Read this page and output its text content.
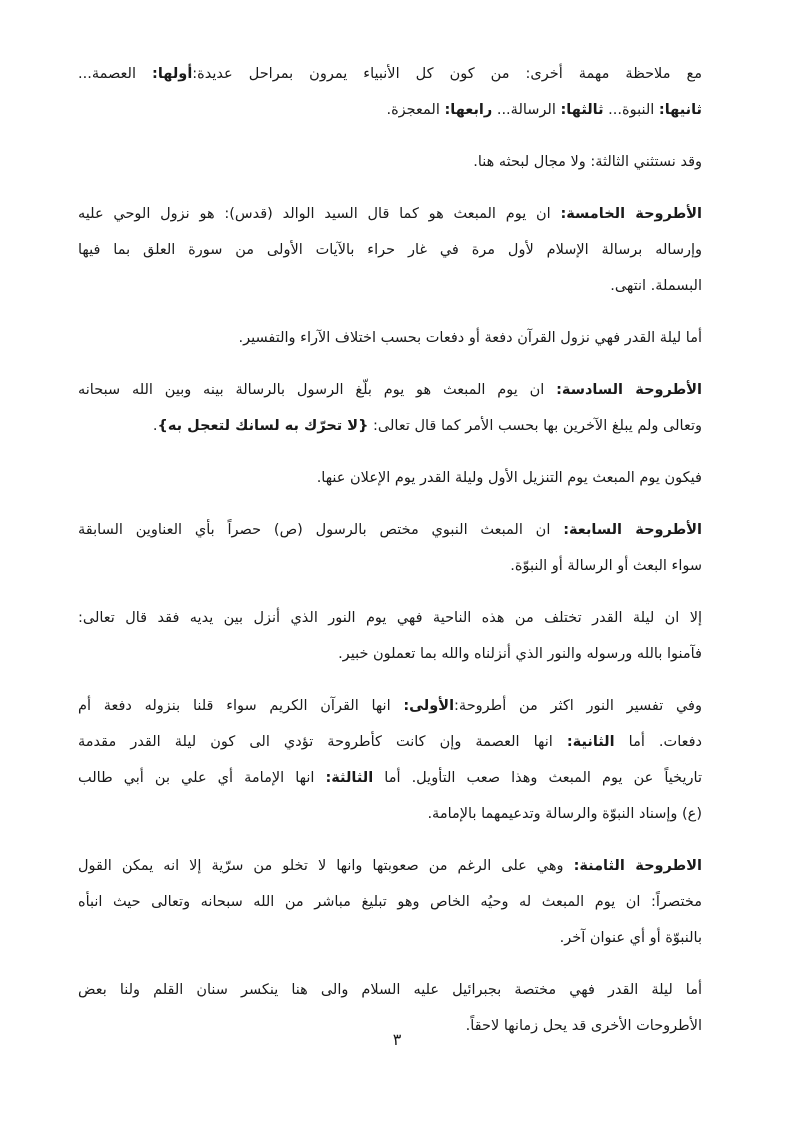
مع ملاحظة مهمة أخرى: من كون كل الأنبياء يمرون بمراحل عديدة:أولها: العصمة...
ثانيها: النبوة... ثالثها: الرسالة... رابعها: المعجزة.

وقد نستثني الثالثة: ولا مجال لبحثه هنا.

الأطروحة الخامسة: ان يوم المبعث هو كما قال السيد الوالد (قدس): هو نزول الوحي عليه
وإرساله برسالة الإسلام لأول مرة في غار حراء بالآيات الأولى من سورة العلق بما فيها
البسملة. انتهى.

أما ليلة القدر فهي نزول القرآن دفعة أو دفعات بحسب اختلاف الآراء والتفسير.

الأطروحة السادسة: ان يوم المبعث هو يوم بلّغ الرسول بالرسالة بينه وبين الله سبحانه
وتعالى ولم يبلغ الآخرين بها بحسب الأمر كما قال تعالى: {لا تحرّك به لسانك لتعجل به}.

فيكون يوم المبعث يوم التنزيل الأول وليلة القدر يوم الإعلان عنها.

الأطروحة السابعة: ان المبعث النبوي مختص بالرسول (ص) حصراً بأي العناوين السابقة
سواء البعث أو الرسالة أو النبوّة.

إلا ان ليلة القدر تختلف من هذه الناحية فهي يوم النور الذي أنزل بين يديه فقد قال تعالى:
فآمنوا بالله ورسوله والنور الذي أنزلناه والله بما تعملون خبير.

وفي تفسير النور اكثر من أطروحة:الأولى: انها القرآن الكريم سواء قلنا بنزوله دفعة أم
دفعات. أما الثانية: انها العصمة وإن كانت كأطروحة تؤدي الى كون ليلة القدر مقدمة
تاريخياً عن يوم المبعث وهذا صعب التأويل. أما الثالثة: انها الإمامة أي علي بن أبي طالب
(ع) وإسناد النبوّة والرسالة وتدعيمهما بالإمامة.

الاطروحة الثامنة: وهي على الرغم من صعوبتها وانها لا تخلو من سرّية إلا انه يمكن القول
مختصراً: ان يوم المبعث له وحيُه الخاص وهو تبليغ مباشر من الله سبحانه وتعالى حيث انبأه
بالنبوّة أو أي عنوان آخر.

أما ليلة القدر فهي مختصة بجبرائيل عليه السلام والى هنا ينكسر سنان القلم ولنا بعض
الأطروحات الأخرى قد يحل زمانها لاحقاً.

٣
